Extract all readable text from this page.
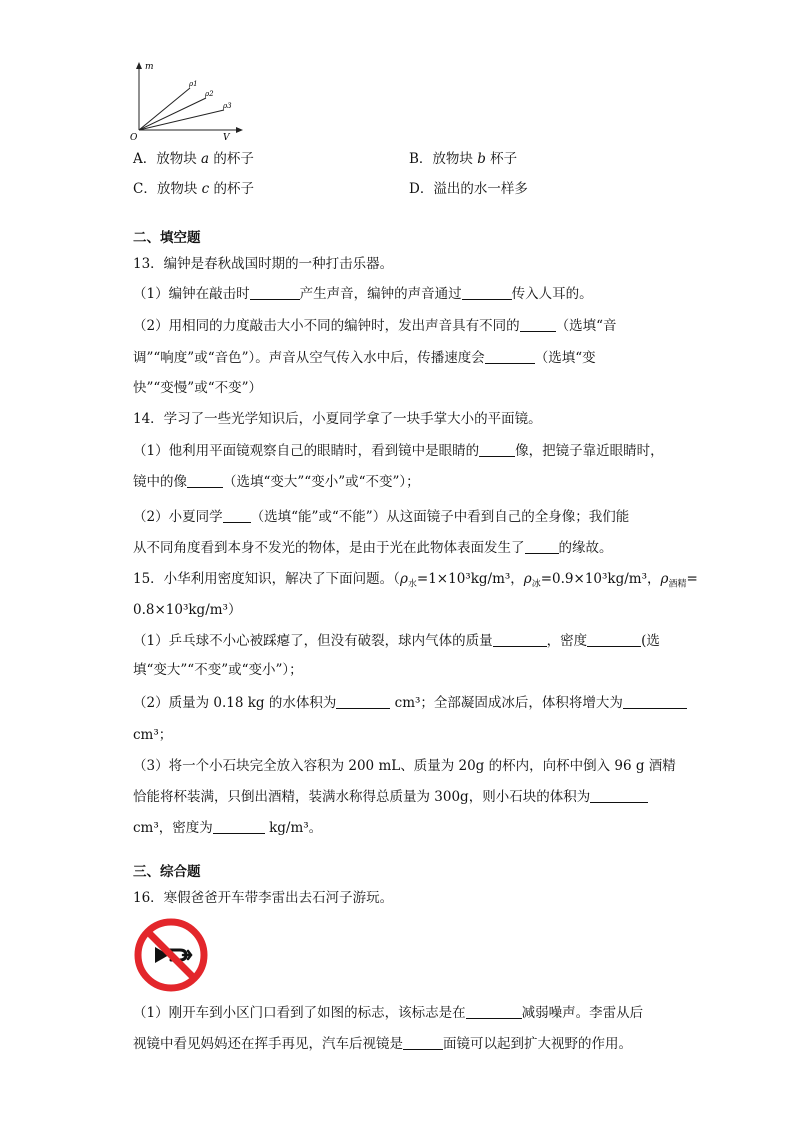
m
V
O
ρ1
ρ2
ρ3
A．放物块 a 的杯子	B．放物块 b 杯子
C．放物块 c 的杯子	D．溢出的水一样多
二、填空题
13．编钟是春秋战国时期的一种打击乐器。
（1）编钟在敲击时	产生声音，编钟的声音通过	传入人耳的。
（2）用相同的力度敲击大小不同的编钟时，发出声音具有不同的	（选填“音
调”“响度”或“音色”）。声音从空气传入水中后，传播速度会	（选填“变
快”“变慢”或“不变”）
14．学习了一些光学知识后，小夏同学拿了一块手掌大小的平面镜。
（1）他利用平面镜观察自己的眼睛时，看到镜中是眼睛的	像，把镜子靠近眼睛时，
镜中的像	（选填“变大”“变小”或“不变”）；
（2）小夏同学 （选填“能”或“不能”）从这面镜子中看到自己的全身像；我们能
从不同角度看到本身不发光的物体，是由于光在此物体表面发生了	的缘故。
15．小华利用密度知识，解决了下面问题。（$\rho_水=1\times 10^3kg/m^3$，$\rho_冰=0.9\times 10^3kg/m^3$，$\rho_{酒精}=$
0.8×10³kg/m³）
（1）乒乓球不小心被踩瘪了，但没有破裂，球内气体的质量	，密度	(选
填“变大”“不变”或“变小”）；
（2）质量为 0.18 kg 的水体积为	cm³；全部凝固成冰后，体积将增大为
cm³；
（3）将一个小石块完全放入容积为 200 mL、质量为 20g 的杯内，向杯中倒入 96 g 酒精
恰能将杯装满，只倒出酒精，装满水称得总质量为 300g，则小石块的体积为
cm³，密度为	kg/m³。
三、综合题
16．寒假爸爸开车带李雷出去石河子游玩。
（1）刚开车到小区门口看到了如图的标志，该标志是在	减弱噪声。李雷从后
视镜中看见妈妈还在挥手再见，汽车后视镜是	面镜可以起到扩大视野的作用。
